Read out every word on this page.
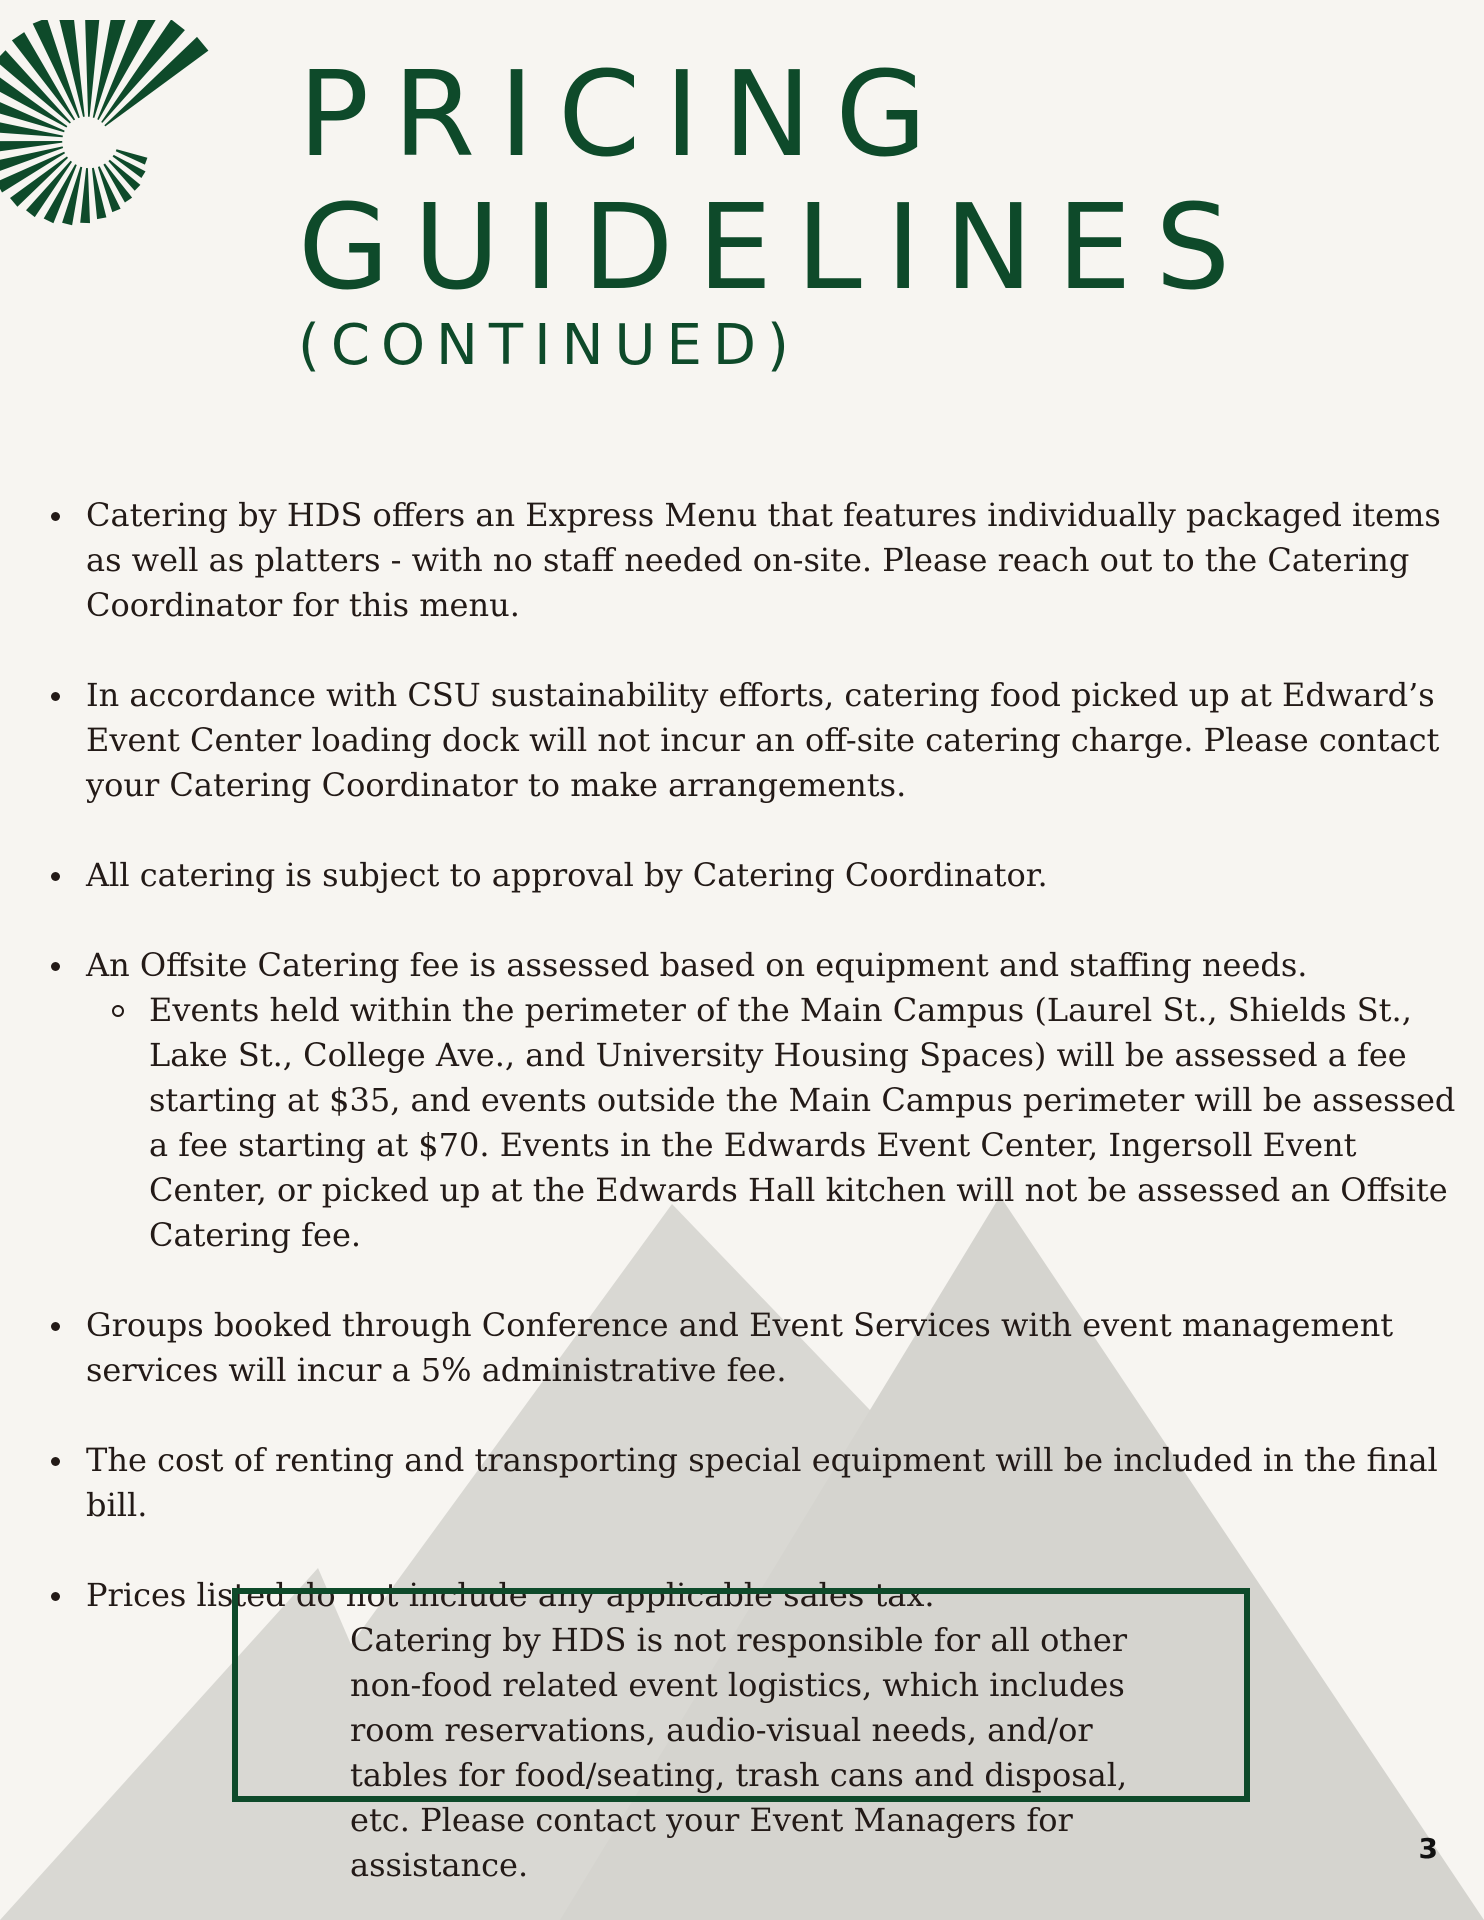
PRICING
GUIDELINES
(CONTINUED)
Catering by HDS offers an Express Menu that features individually packaged items as well as platters - with no staff needed on-site. Please reach out to the Catering Coordinator for this menu.
In accordance with CSU sustainability efforts, catering food picked up at Edward’s Event Center loading dock will not incur an off-site catering charge. Please contact your Catering Coordinator to make arrangements.
All catering is subject to approval by Catering Coordinator.
An Offsite Catering fee is assessed based on equipment and staffing needs.
Events held within the perimeter of the Main Campus (Laurel St., Shields St., Lake St., College Ave., and University Housing Spaces) will be assessed a fee starting at $35, and events outside the Main Campus perimeter will be assessed a fee starting at $70. Events in the Edwards Event Center, Ingersoll Event Center, or picked up at the Edwards Hall kitchen will not be assessed an Offsite Catering fee.
Groups booked through Conference and Event Services with event management services will incur a 5% administrative fee.
The cost of renting and transporting special equipment will be included in the final bill.
Prices listed do not include any applicable sales tax.

Catering by HDS is not responsible for all other non-food related event logistics, which includes room reservations, audio-visual needs, and/or tables for food/seating, trash cans and disposal, etc. Please contact your Event Managers for assistance.	3
